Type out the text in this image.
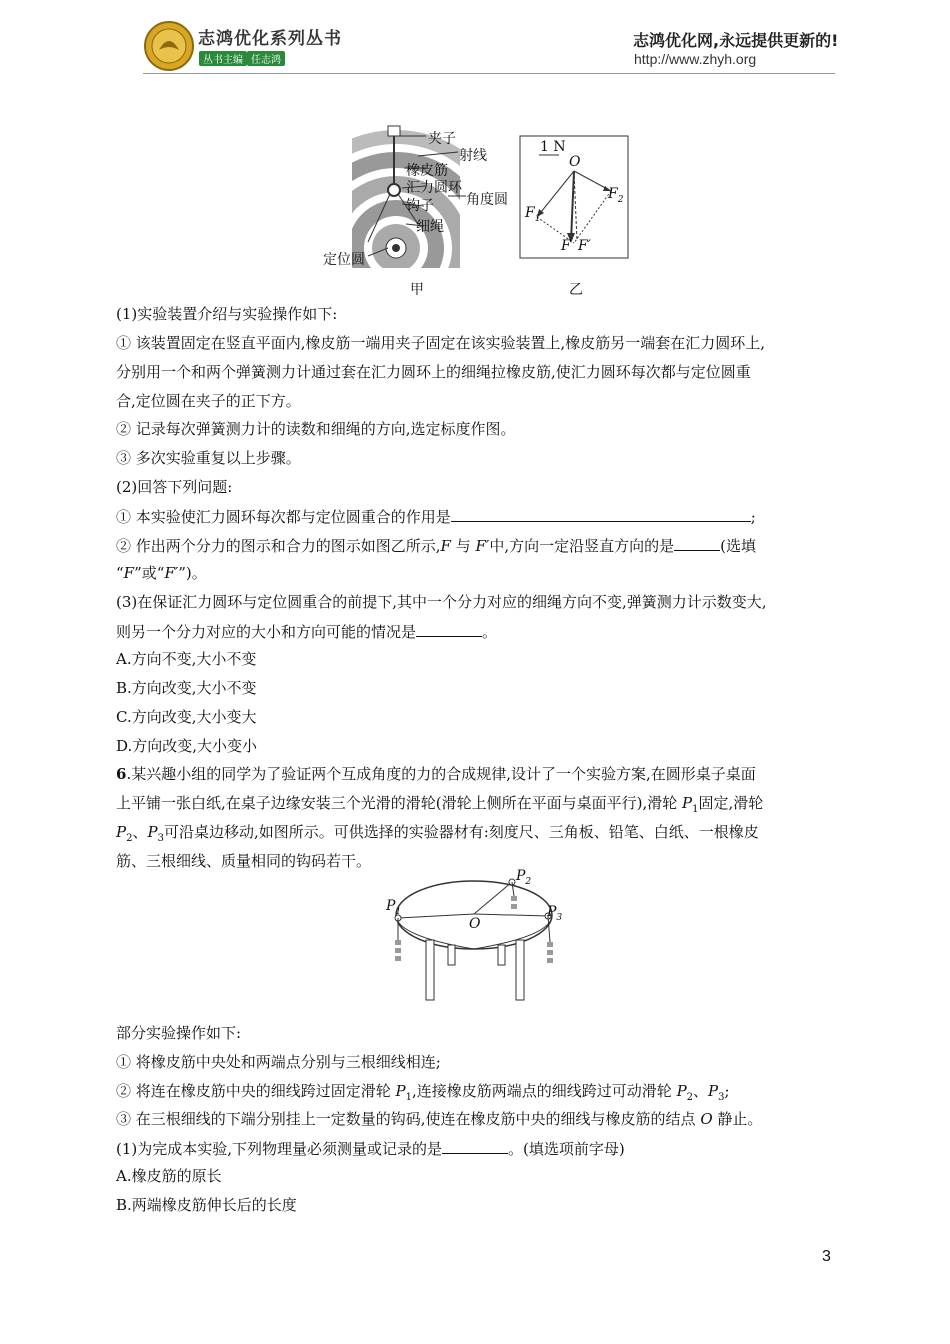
志鸿优化系列丛书
丛书主编 任志鸿
志鸿优化网,永远提供更新的!
http://www.zhyh.org
夹子
射线
橡皮筋
汇力圆环
角度圆
钩子
细绳
定位圆
甲
1 N
O
$F_1$
$F_2$
F F′
乙
(1)实验装置介绍与实验操作如下:
① 该装置固定在竖直平面内,橡皮筋一端用夹子固定在该实验装置上,橡皮筋另一端套在汇力圆环上,
分别用一个和两个弹簧测力计通过套在汇力圆环上的细绳拉橡皮筋,使汇力圆环每次都与定位圆重
合,定位圆在夹子的正下方。
② 记录每次弹簧测力计的读数和细绳的方向,选定标度作图。
③ 多次实验重复以上步骤。
(2)回答下列问题:
① 本实验使汇力圆环每次都与定位圆重合的作用是	;
② 作出两个分力的图示和合力的图示如图乙所示,F 与 F′中,方向一定沿竖直方向的是	(选填
“F”或“F′”)。
(3)在保证汇力圆环与定位圆重合的前提下,其中一个分力对应的细绳方向不变,弹簧测力计示数变大,
则另一个分力对应的大小和方向可能的情况是	。
A.方向不变,大小不变
B.方向改变,大小不变
C.方向改变,大小变大
D.方向改变,大小变小
6.某兴趣小组的同学为了验证两个互成角度的力的合成规律,设计了一个实验方案,在圆形桌子桌面
上平铺一张白纸,在桌子边缘安装三个光滑的滑轮(滑轮上侧所在平面与桌面平行),滑轮 $P_1$固定,滑轮
$P_2$、$P_3$可沿桌边移动,如图所示。可供选择的实验器材有:刻度尺、三角板、铅笔、白纸、一根橡皮
筋、三根细线、质量相同的钩码若干。
$P_1$
$P_2$
$P_3$
O
部分实验操作如下:
① 将橡皮筋中央处和两端点分别与三根细线相连;
② 将连在橡皮筋中央的细线跨过固定滑轮 $P_1$,连接橡皮筋两端点的细线跨过可动滑轮 $P_2$、$P_3$;
③ 在三根细线的下端分别挂上一定数量的钩码,使连在橡皮筋中央的细线与橡皮筋的结点 O 静止。
(1)为完成本实验,下列物理量必须测量或记录的是	。(填选项前字母)
A.橡皮筋的原长
B.两端橡皮筋伸长后的长度
3
